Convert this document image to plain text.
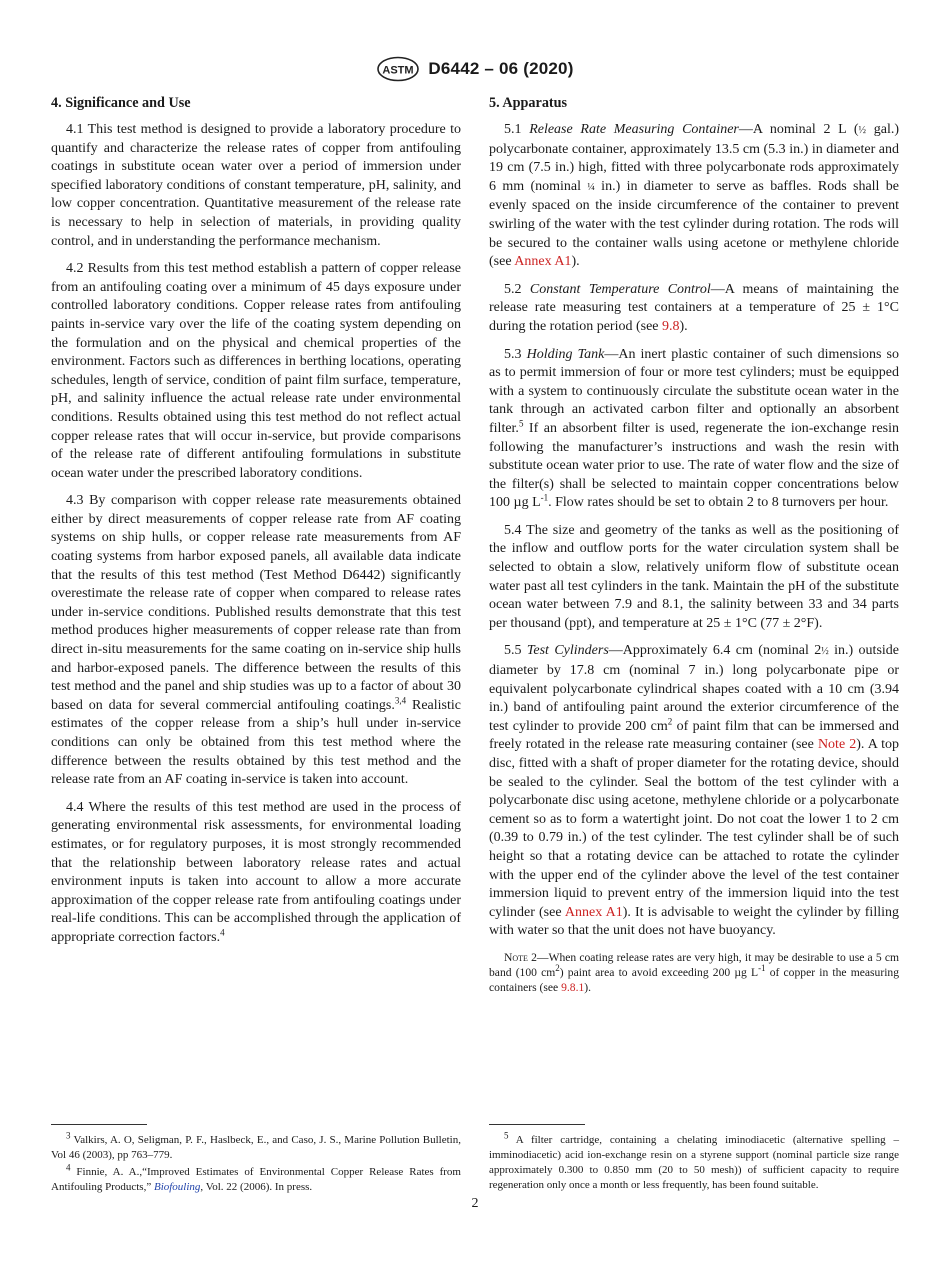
ASTM D6442 – 06 (2020)
4. Significance and Use

4.1 This test method is designed to provide a laboratory procedure to quantify and characterize the release rates of copper from antifouling coatings in substitute ocean water over a period of immersion under specified laboratory conditions of constant temperature, pH, salinity, and low copper concentration. Quantitative measurement of the release rate is necessary to help in selection of materials, in providing quality control, and in understanding the performance mechanism.

4.2 Results from this test method establish a pattern of copper release from an antifouling coating over a minimum of 45 days exposure under controlled laboratory conditions. Copper release rates from antifouling paints in-service vary over the life of the coating system depending on the formulation and on the physical and chemical properties of the environment. Factors such as differences in berthing locations, operating schedules, length of service, condition of paint film surface, temperature, pH, and salinity influence the actual release rate under environmental conditions. Results obtained using this test method do not reflect actual copper release rates that will occur in-service, but provide comparisons of the release rate of different antifouling formulations in substitute ocean water under the prescribed laboratory conditions.

4.3 By comparison with copper release rate measurements obtained either by direct measurements of copper release rate from AF coating systems on ship hulls, or copper release rate measurements from AF coating systems from harbor exposed panels, all available data indicate that the results of this test method (Test Method D6442) significantly overestimate the release rate of copper when compared to release rates under in-service conditions. Published results demonstrate that this test method produces higher measurements of copper release rate than from direct in-situ measurements for the same coating on in-service ship hulls and harbor-exposed panels. The difference between the results of this test method and the panel and ship studies was up to a factor of about 30 based on data for several commercial antifouling coatings.$^{3,4}$ Realistic estimates of the copper release from a ship’s hull under in-service conditions can only be obtained from this test method where the difference between the results obtained by this test method and the release rate from an AF coating in-service is taken into account.

4.4 Where the results of this test method are used in the process of generating environmental risk assessments, for environmental loading estimates, or for regulatory purposes, it is most strongly recommended that the relationship between laboratory release rates and actual environment inputs is taken into account to allow a more accurate approximation of the copper release rate from antifouling coatings under real-life conditions. This can be accomplished through the application of appropriate correction factors.$^4$

5. Apparatus

5.1 Release Rate Measuring Container—A nominal 2 L (½ gal.) polycarbonate container, approximately 13.5 cm (5.3 in.) in diameter and 19 cm (7.5 in.) high, fitted with three polycarbonate rods approximately 6 mm (nominal ¼ in.) in diameter to serve as baffles. Rods shall be evenly spaced on the inside circumference of the container to prevent swirling of the water with the test cylinder during rotation. The rods will be secured to the container walls using acetone or methylene chloride (see Annex A1).

5.2 Constant Temperature Control—A means of maintaining the release rate measuring test containers at a temperature of 25 ± 1°C during the rotation period (see 9.8).

5.3 Holding Tank—An inert plastic container of such dimensions so as to permit immersion of four or more test cylinders; must be equipped with a system to continuously circulate the substitute ocean water in the tank through an activated carbon filter and optionally an absorbent filter.$^5$ If an absorbent filter is used, regenerate the ion-exchange resin following the manufacturer’s instructions and wash the resin with substitute ocean water prior to use. The rate of water flow and the size of the filter(s) shall be selected to maintain copper concentrations below 100 µg $L^{-1}$. Flow rates should be set to obtain 2 to 8 turnovers per hour.

5.4 The size and geometry of the tanks as well as the positioning of the inflow and outflow ports for the water circulation system shall be selected to obtain a slow, relatively uniform flow of substitute ocean water past all test cylinders in the tank. Maintain the pH of the substitute ocean water between 7.9 and 8.1, the salinity between 33 and 34 parts per thousand (ppt), and temperature at 25 ± 1°C (77 ± 2°F).

5.5 Test Cylinders—Approximately 6.4 cm (nominal 2½ in.) outside diameter by 17.8 cm (nominal 7 in.) long polycarbonate pipe or equivalent polycarbonate cylindrical shapes coated with a 10 cm (3.94 in.) band of antifouling paint around the exterior circumference of the test cylinder to provide 200 $cm^2$ of paint film that can be immersed and freely rotated in the release rate measuring container (see Note 2). A top disc, fitted with a shaft of proper diameter for the rotating device, should be sealed to the cylinder. Seal the bottom of the test cylinder with a polycarbonate disc using acetone, methylene chloride or a polycarbonate cement so as to form a watertight joint. Do not coat the lower 1 to 2 cm (0.39 to 0.79 in.) of the test cylinder. The test cylinder shall be of such height so that a rotating device can be attached to rotate the cylinder with the upper end of the cylinder above the level of the test container immersion liquid to prevent entry of the immersion liquid into the test cylinder (see Annex A1). It is advisable to weight the cylinder by filling with water so that the unit does not have buoyancy.

Note 2—When coating release rates are very high, it may be desirable to use a 5 cm band (100 $cm^2$) paint area to avoid exceeding 200 µg $L^{-1}$ of copper in the measuring containers (see 9.8.1).

$^3$ Valkirs, A. O, Seligman, P. F., Haslbeck, E., and Caso, J. S., Marine Pollution Bulletin, Vol 46 (2003), pp 763–779.

$^4$ Finnie, A. A.,“Improved Estimates of Environmental Copper Release Rates from Antifouling Products,” Biofouling, Vol. 22 (2006). In press.

$^5$ A filter cartridge, containing a chelating iminodiacetic (alternative spelling – imminodiacetic) acid ion-exchange resin on a styrene support (nominal particle size range approximately 0.300 to 0.850 mm (20 to 50 mesh)) of sufficient capacity to require regeneration only once a month or less frequently, has been found suitable.

2
